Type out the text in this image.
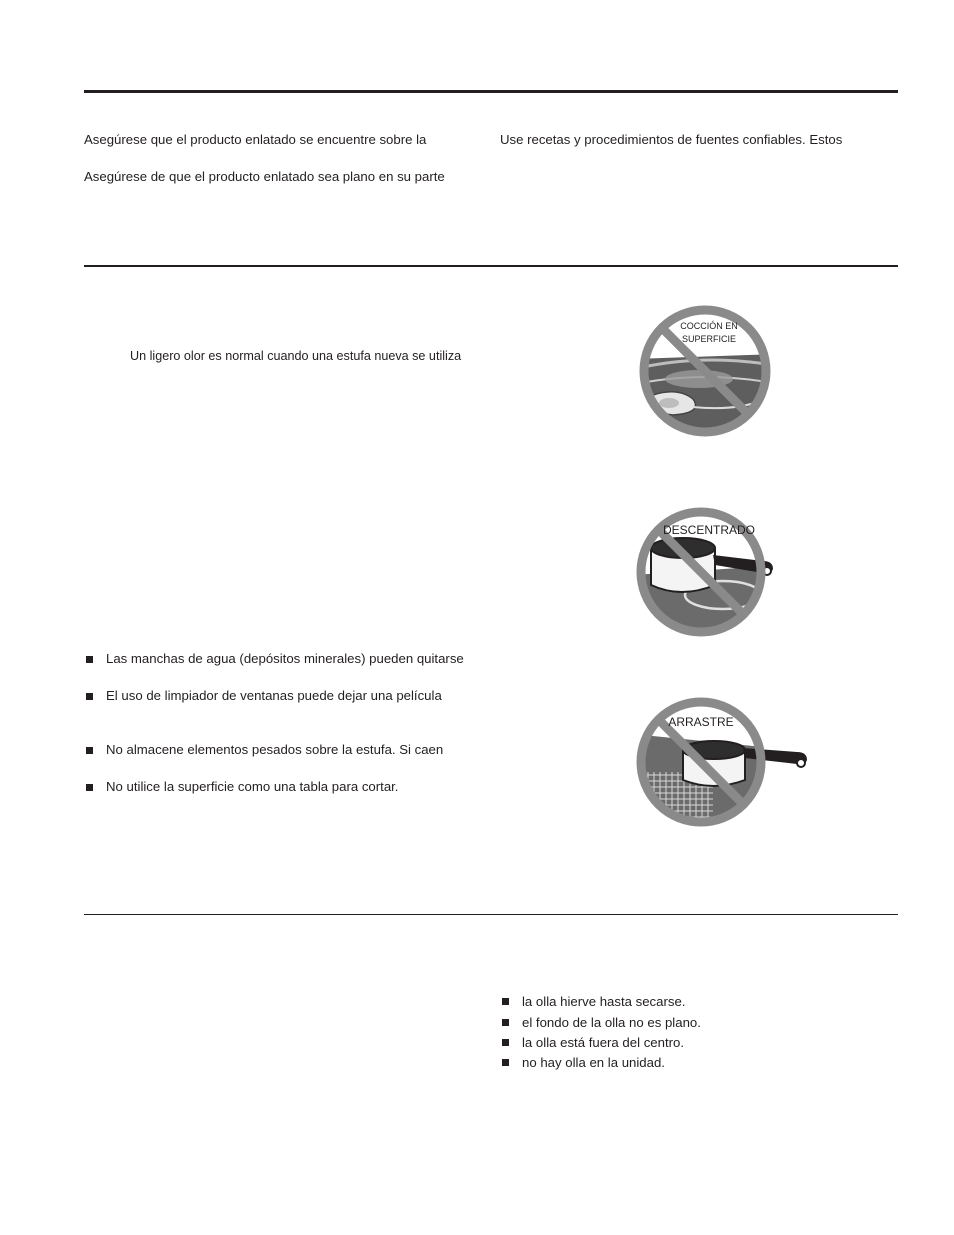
Asegúrese que el producto enlatado se encuentre sobre la
Asegúrese de que el producto enlatado sea plano en su parte
Use recetas y procedimientos de fuentes confiables. Estos
Un ligero olor es normal cuando una estufa nueva se utiliza
Las manchas de agua (depósitos minerales) pueden quitarse
El uso de limpiador de ventanas puede dejar una película
No almacene elementos pesados sobre la estufa. Si caen
No utilice la superficie como una tabla para cortar.
COCCIÓN EN
SUPERFICIE
DESCENTRADO
ARRASTRE
la olla hierve hasta secarse.
el fondo de la olla no es plano.
la olla está fuera del centro.
no hay olla en la unidad.
